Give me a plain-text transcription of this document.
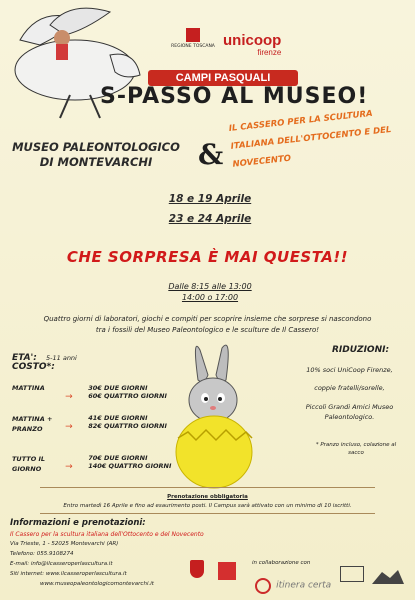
REGIONE TOSCANA unicoop
firenze
CAMPI PASQUALI
S-PASSO AL MUSEO!
MUSEO PALEONTOLOGICO DI MONTEVARCHI	&
IL CASSERO PER LA SCULTURA ITALIANA DELL'OTTOCENTO E DEL NOVECENTO
18 e 19 Aprile
23 e 24 Aprile
CHE SORPRESA È MAI QUESTA!!
Dalle 8:15 alle 13:00
14:00 o 17:00
Quattro giorni di laboratori, giochi e compiti per scoprire insieme che sorprese si nascondono tra i fossili del Museo Paleontologico e le sculture de Il Cassero!
ETA': 5-11 anni
COSTO*:
MATTINA →
30€ DUE GIORNI
60€ QUATTRO GIORNI
MATTINA + PRANZO	→
41€ DUE GIORNI
82€ QUATTRO GIORNI
TUTTO IL GIORNO	→
70€ DUE GIORNI
140€ QUATTRO GIORNI
RIDUZIONI:
10% soci UniCoop Firenze,
coppie fratelli/sorelle,
Piccoli Grandi Amici Museo Paleontologico.
* Pranzo incluso, colazione al sacco
Prenotazione obbligatoria
Entro martedì 16 Aprile e fino ad esaurimento posti. Il Campus sarà attivato con un minimo di 10 iscritti.
Informazioni e prenotazioni:
Il Cassero per la scultura italiana dell'Ottocento e del Novecento
Via Trieste, 1 - 52025 Montevarchi (AR)
Telefono: 055.9108274
E-mail: info@ilcasseroperlascultura.it
Siti internet: www.ilcasseroperlascultura.it
www.museopaleontologicomontevarchi.it
in collaborazione con
itinera certa
